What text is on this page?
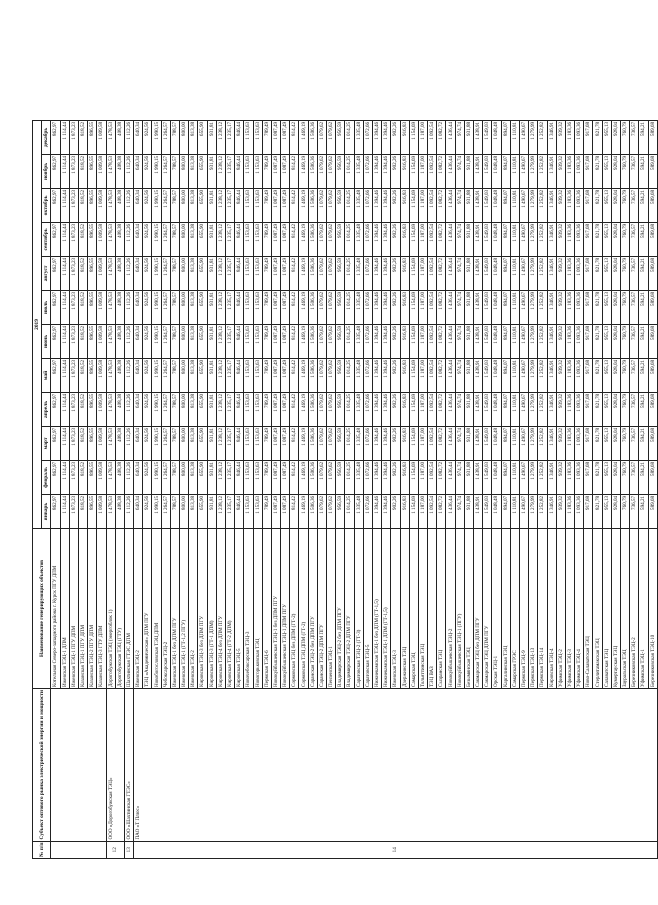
№ п/п	Субъект оптового рынка электрической энергии и мощности	Наименование генерирующих объектов	2019											
			январь	февраль	март	апрель	май	июнь	июль	август	сентябрь	октябрь	ноябрь	декабрь
		Котельная Северо-западного района г. Курск ПГУ ДПМ	862,97	862,97	862,97	862,97	862,97	862,97	862,97	862,97	862,97	862,97	862,97	862,97
		Ижевская ТЭЦ-1 ДПМ	1 114,44	1 114,44	1 114,44	1 114,44	1 114,44	1 114,44	1 114,44	1 114,44	1 114,44	1 114,44	1 114,44	1 114,44
		Ижевская ТЭЦ-1 ПГУ ДПМ	1 873,23	1 873,23	1 873,23	1 873,23	1 873,23	1 873,23	1 873,23	1 873,23	1 873,23	1 873,23	1 873,23	1 873,23
		Казанская ТЭЦ-1 ПГУ ДПМ	818,52	818,52	818,52	818,52	818,52	818,52	818,52	818,52	818,52	818,52	818,52	818,52
		Казанская ТЭЦ-2 ПГУ ДПМ	896,55	896,55	896,55	896,55	896,55	896,55	896,55	896,55	896,55	896,55	896,55	896,55
		Казанская ТЭЦ-3 ГТУ ДПМ	1 009,58	1 009,58	1 009,58	1 009,58	1 009,58	1 009,58	1 009,58	1 009,58	1 009,58	1 009,58	1 009,58	1 009,58
12	ООО «Дорогобужская ТЭЦ»	Дорогобужская ТЭЦ (энергоблок 1)	1 478,53	1 478,53	1 478,53	1 478,53	1 478,53	1 478,53	1 478,53	1 478,53	1 478,53	1 478,53	1 478,53	1 478,53
		Дорогобужская ТЭЦ (ГТУ)	408,38	408,38	408,38	408,38	408,38	408,38	408,38	408,38	408,38	408,38	408,38	408,38
13	ООО «Шахтинская ГТЭС»	Шахтинская ГТЭС ДПМ	1 112,26	1 112,26	1 112,26	1 112,26	1 112,26	1 112,26	1 112,26	1 112,26	1 112,26	1 112,26	1 112,26	1 112,26
14	ПАО «Т Плюс»	Ижевская ТЭЦ-2	640,34	640,34	640,34	640,34	640,34	640,34	640,34	640,34	640,34	640,34	640,34	640,34
		ТЭЦ «Академическая» ДПМ ПГУ	924,56	924,56	924,56	924,56	924,56	924,56	924,56	924,56	924,56	924,56	924,56	924,56
		Новобогословская ТЭЦ ДПМ	1 990,15	1 990,15	1 990,15	1 990,15	1 990,15	1 990,15	1 990,15	1 990,15	1 990,15	1 990,15	1 990,15	1 990,15
		Чебоксарская ТЭЦ-2	1 264,57	1 264,57	1 264,57	1 264,57	1 264,57	1 264,57	1 264,57	1 264,57	1 264,57	1 264,57	1 264,57	1 264,57
		Ижевская ТЭЦ-1 без ДПМ ПГУ	788,57	788,57	788,57	788,57	788,57	788,57	788,57	788,57	788,57	788,57	788,57	788,57
		Ижевская ТЭЦ-1 (ГТ-1,2 ПГУ)	800,00	800,00	800,00	800,00	800,00	800,00	800,00	800,00	800,00	800,00	800,00	800,00
		Ижевская ТЭЦ-2	813,38	813,38	813,38	813,38	813,38	813,38	813,38	813,38	813,38	813,38	813,38	813,38
		Кировская ТЭЦ-3 без ДПМ ПГУ	655,90	655,90	655,90	655,90	655,90	655,90	655,90	655,90	655,90	655,90	655,90	655,90
		Кировская ТЭЦ-3 (ГТ-1 ДПМ)	931,81	931,81	931,81	931,81	931,81	931,81	931,81	931,81	931,81	931,81	931,81	931,81
		Кировская ТЭЦ-4 без ДПМ ПГУ	1 238,12	1 238,12	1 238,12	1 238,12	1 238,12	1 238,12	1 238,12	1 238,12	1 238,12	1 238,12	1 238,12	1 238,12
		Кировская ТЭЦ-4 (ГТ-2 ДПМ)	1 235,17	1 235,17	1 235,17	1 235,17	1 235,17	1 235,17	1 235,17	1 235,17	1 235,17	1 235,17	1 235,17	1 235,17
		Кировская ТЭЦ-5	846,44	846,44	846,44	846,44	846,44	846,44	846,44	846,44	846,44	846,44	846,44	846,44
		Новочебоксарская ТЭЦ-3	1 153,63	1 153,63	1 153,63	1 153,63	1 153,63	1 153,63	1 153,63	1 153,63	1 153,63	1 153,63	1 153,63	1 153,63
		Новогорьковская ТЭЦ	1 153,63	1 153,63	1 153,63	1 153,63	1 153,63	1 153,63	1 153,63	1 153,63	1 153,63	1 153,63	1 153,63	1 153,63
		Пермская ТЭЦ-6	789,49	789,49	789,49	789,49	789,49	789,49	789,49	789,49	789,49	789,49	789,49	789,49
		Новокуйбышевская ТЭЦ-1 без ДПМ ПГУ	1 087,49	1 087,49	1 087,49	1 087,49	1 087,49	1 087,49	1 087,49	1 087,49	1 087,49	1 087,49	1 087,49	1 087,49
		Новокуйбышевская ТЭЦ-1 ДПМ ПГУ	1 087,49	1 087,49	1 087,49	1 087,49	1 087,49	1 087,49	1 087,49	1 087,49	1 087,49	1 087,49	1 087,49	1 087,49
		Сормовская ТЭЦ без ДПМ (ГТ-2)	814,42	814,42	814,42	814,42	814,42	814,42	814,42	814,42	814,42	814,42	814,42	814,42
		Сормовская ТЭЦ ДПМ (ГТ-2)	1 469,19	1 469,19	1 469,19	1 469,19	1 469,19	1 469,19	1 469,19	1 469,19	1 469,19	1 469,19	1 469,19	1 469,19
		Саранская ТЭЦ-2 без ДПМ ПГУ	1 506,36	1 506,36	1 506,36	1 506,36	1 506,36	1 506,36	1 506,36	1 506,36	1 506,36	1 506,36	1 506,36	1 506,36
		Саранская ТЭЦ-2 ДПМ ПГУ	1 079,62	1 079,62	1 079,62	1 079,62	1 079,62	1 079,62	1 079,62	1 079,62	1 079,62	1 079,62	1 079,62	1 079,62
		Пензенская ТЭЦ-1	1 079,62	1 079,62	1 079,62	1 079,62	1 079,62	1 079,62	1 079,62	1 079,62	1 079,62	1 079,62	1 079,62	1 079,62
		Владимирская ТЭЦ-2 без ДПМ ПГУ	956,59	956,59	956,59	956,59	956,59	956,59	956,59	956,59	956,59	956,59	956,59	956,59
		Владимирская ТЭЦ-2 ДПМ ПГУ	1 014,25	1 014,25	1 014,25	1 014,25	1 014,25	1 014,25	1 014,25	1 014,25	1 014,25	1 014,25	1 014,25	1 014,25
		Саратовская ТЭЦ-2 (ГТ-3)	1 335,48	1 335,48	1 335,48	1 335,48	1 335,48	1 335,48	1 335,48	1 335,48	1 335,48	1 335,48	1 335,48	1 335,48
		Саратовская ТЭЦ-5	1 072,66	1 072,66	1 072,66	1 072,66	1 072,66	1 072,66	1 072,66	1 072,66	1 072,66	1 072,66	1 072,66	1 072,66
		Нижнекамская ТЭЦ-1 без ДПМ (ГТ-1,5)	1 394,46	1 394,46	1 394,46	1 394,46	1 394,46	1 394,46	1 394,46	1 394,46	1 394,46	1 394,46	1 394,46	1 394,46
		Нижнекамская ТЭЦ-1 ДПМ (ГТ-1,5)	1 394,46	1 394,46	1 394,46	1 394,46	1 394,46	1 394,46	1 394,46	1 394,46	1 394,46	1 394,46	1 394,46	1 394,46
		Ижевская ТЭЦ-3	902,26	902,26	902,26	902,26	902,26	902,26	902,26	902,26	902,26	902,26	902,26	902,26
		Дзержинская ТЭЦ	916,83	916,83	916,83	916,83	916,83	916,83	916,83	916,83	916,83	916,83	916,83	916,83
		Самарская ТЭЦ	1 154,69	1 154,69	1 154,69	1 154,69	1 154,69	1 154,69	1 154,69	1 154,69	1 154,69	1 154,69	1 154,69	1 154,69
		Тольяттинская ТЭЦ	1 187,00	1 187,00	1 187,00	1 187,00	1 187,00	1 187,00	1 187,00	1 187,00	1 187,00	1 187,00	1 187,00	1 187,00
		ТЭЦ ВАЗ	1 092,54	1 092,54	1 092,54	1 092,54	1 092,54	1 092,54	1 092,54	1 092,54	1 092,54	1 092,54	1 092,54	1 092,54
		Сызранская ТЭЦ	1 082,72	1 082,72	1 082,72	1 082,72	1 082,72	1 082,72	1 082,72	1 082,72	1 082,72	1 082,72	1 082,72	1 082,72
		Новокуйбышевская ТЭЦ-2	1 436,44	1 436,44	1 436,44	1 436,44	1 436,44	1 436,44	1 436,44	1 436,44	1 436,44	1 436,44	1 436,44	1 436,44
		Новокуйбышевская ТЭЦ-1 (ПГУ)	974,74	974,74	974,74	974,74	974,74	974,74	974,74	974,74	974,74	974,74	974,74	974,74
		Безымянская ТЭЦ	931,88	931,88	931,88	931,88	931,88	931,88	931,88	931,88	931,88	931,88	931,88	931,88
		Сакмарская ТЭЦ без ДПМ ПГУ	1 438,91	1 438,91	1 438,91	1 438,91	1 438,91	1 438,91	1 438,91	1 438,91	1 438,91	1 438,91	1 438,91	1 438,91
		Сакмарская ТЭЦ ДПМ ПГУ	1 549,03	1 549,03	1 549,03	1 549,03	1 549,03	1 549,03	1 549,03	1 549,03	1 549,03	1 549,03	1 549,03	1 549,03
		Орская ТЭЦ-1	1 048,48	1 048,48	1 048,48	1 048,48	1 048,48	1 048,48	1 048,48	1 048,48	1 048,48	1 048,48	1 048,48	1 048,48
		Каргалинская ТЭЦ	894,07	894,07	894,07	894,07	894,07	894,07	894,07	894,07	894,07	894,07	894,07	894,07
		Самарская ГРЭС	1 110,81	1 110,81	1 110,81	1 110,81	1 110,81	1 110,81	1 110,81	1 110,81	1 110,81	1 110,81	1 110,81	1 110,81
		Пермская ТЭЦ-9	1 490,67	1 490,67	1 490,67	1 490,67	1 490,67	1 490,67	1 490,67	1 490,67	1 490,67	1 490,67	1 490,67	1 490,67
		Пермская ТЭЦ-13	1 279,99	1 279,99	1 279,99	1 279,99	1 279,99	1 279,99	1 279,99	1 279,99	1 279,99	1 279,99	1 279,99	1 279,99
		Пермская ТЭЦ-14	1 252,82	1 252,82	1 252,82	1 252,82	1 252,82	1 252,82	1 252,82	1 252,82	1 252,82	1 252,82	1 252,82	1 252,82
		Кировская ТЭЦ-4	1 346,91	1 346,91	1 346,91	1 346,91	1 346,91	1 346,91	1 346,91	1 346,91	1 346,91	1 346,91	1 346,91	1 346,91
		Уфимская ТЭЦ-2	939,32	939,32	939,32	939,32	939,32	939,32	939,32	939,32	939,32	939,32	939,32	939,32
		Уфимская ТЭЦ-3	1 183,36	1 183,36	1 183,36	1 183,36	1 183,36	1 183,36	1 183,36	1 183,36	1 183,36	1 183,36	1 183,36	1 183,36
		Уфимская ТЭЦ-4	1 093,36	1 093,36	1 093,36	1 093,36	1 093,36	1 093,36	1 093,36	1 093,36	1 093,36	1 093,36	1 093,36	1 093,36
		Ново-Салаватская ТЭЦ	917,68	917,68	917,68	917,68	917,68	917,68	917,68	917,68	917,68	917,68	917,68	917,68
		Стерлитамакская ТЭЦ	821,78	821,78	821,78	821,78	821,78	821,78	821,78	821,78	821,78	821,78	821,78	821,78
		Салаватская ТЭЦ	955,13	955,13	955,13	955,13	955,13	955,13	955,13	955,13	955,13	955,13	955,13	955,13
		Кумертауская ТЭЦ	928,04	928,04	928,04	928,04	928,04	928,04	928,04	928,04	928,04	928,04	928,04	928,04
		Зауральская ТЭЦ	760,79	760,79	760,79	760,79	760,79	760,79	760,79	760,79	760,79	760,79	760,79	760,79
		Березниковская ТЭЦ-2	736,57	736,57	736,57	736,57	736,57	736,57	736,57	736,57	736,57	736,57	736,57	736,57
		Уфимская ТЭЦ-1	594,21	594,21	594,21	594,21	594,21	594,21	594,21	594,21	594,21	594,21	594,21	594,21
		Березниковская ТЭЦ-10	589,68	589,68	589,68	589,68	589,68	589,68	589,68	589,68	589,68	589,68	589,68	589,68
